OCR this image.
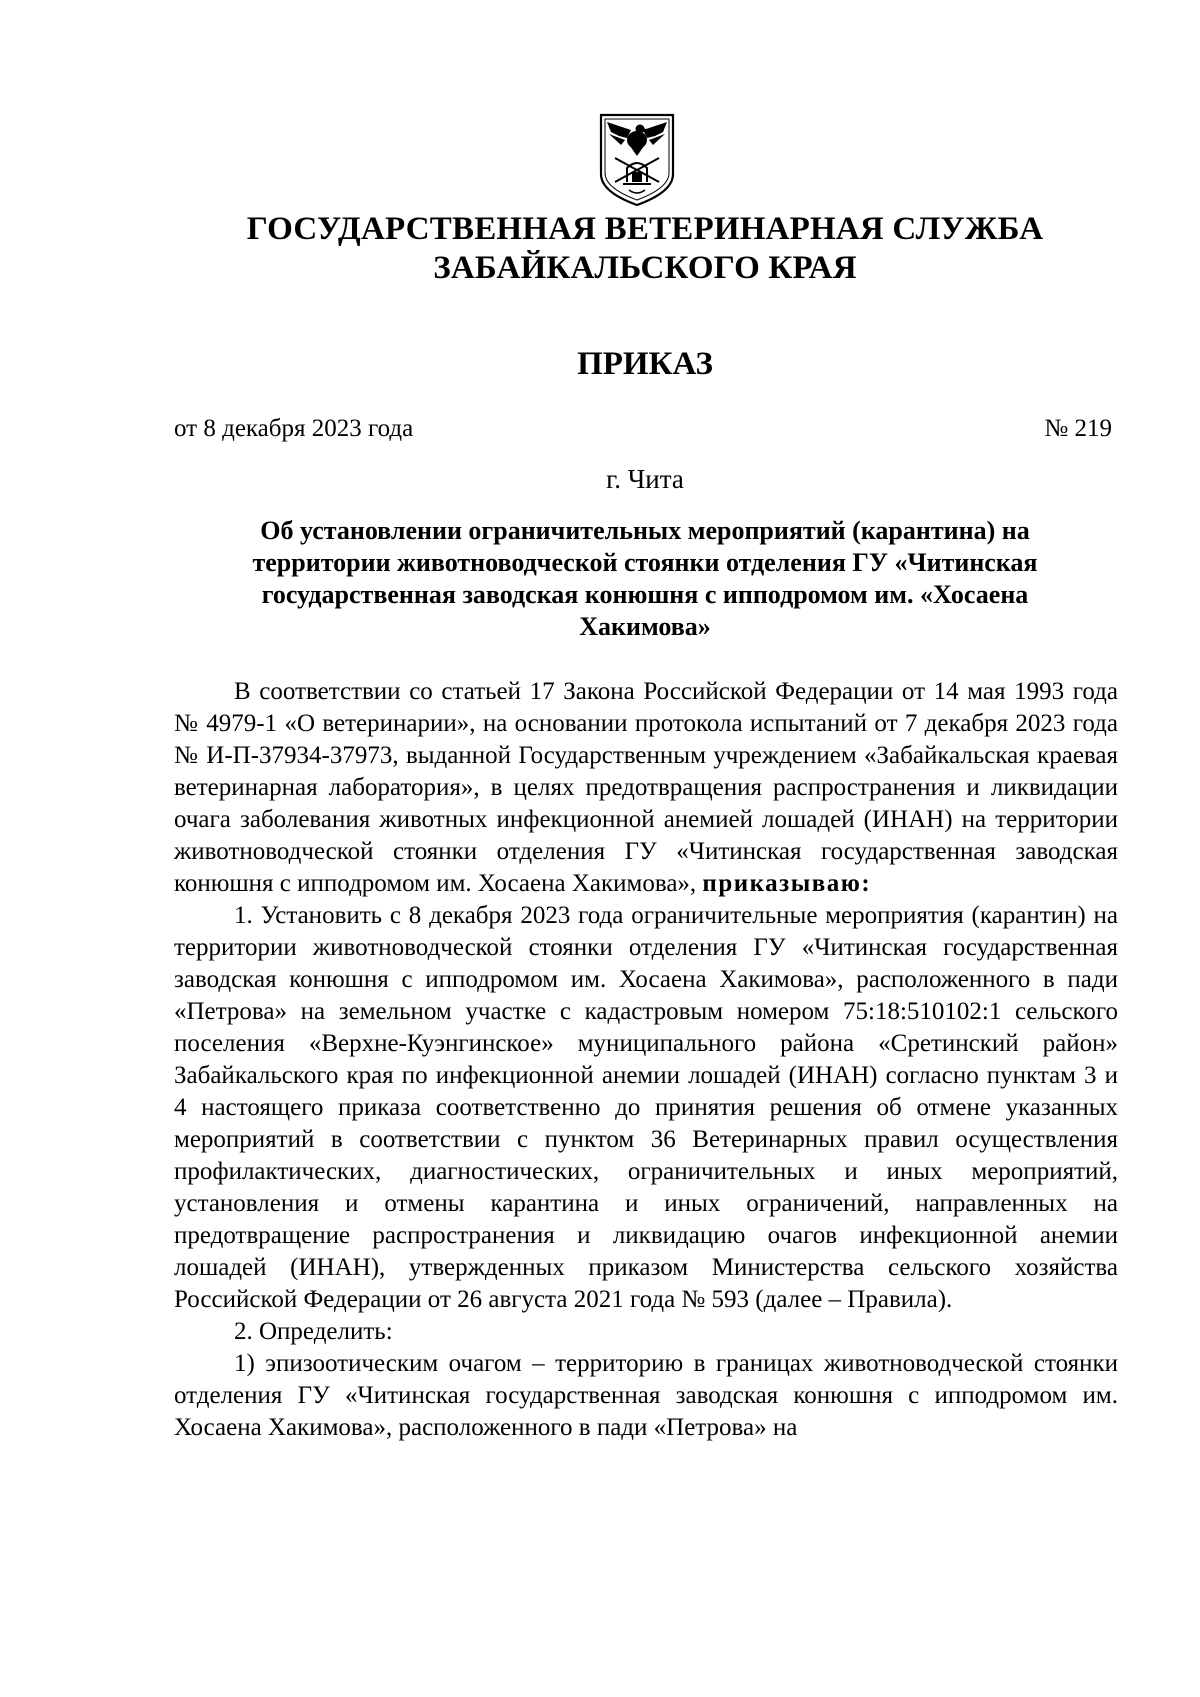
ГОСУДАРСТВЕННАЯ ВЕТЕРИНАРНАЯ СЛУЖБА
ЗАБАЙКАЛЬСКОГО КРАЯ
ПРИКАЗ
от 8 декабря 2023 года	№ 219
г. Чита
Об установлении ограничительных мероприятий (карантина) на территории животноводческой стоянки отделения ГУ «Читинская государственная заводская конюшня с ипподромом им. «Хосаена Хакимова»

В соответствии со статьей 17 Закона Российской Федерации от 14 мая 1993 года № 4979-1 «О ветеринарии», на основании протокола испытаний от 7 декабря 2023 года № И-П-37934-37973, выданной Государственным учреждением «Забайкальская краевая ветеринарная лаборатория», в целях предотвращения распространения и ликвидации очага заболевания животных инфекционной анемией лошадей (ИНАН) на территории животноводческой стоянки отделения ГУ «Читинская государственная заводская конюшня с ипподромом им. Хосаена Хакимова», приказываю:

1. Установить с 8 декабря 2023 года ограничительные мероприятия (карантин) на территории животноводческой стоянки отделения ГУ «Читинская государственная заводская конюшня с ипподромом им. Хосаена Хакимова», расположенного в пади «Петрова» на земельном участке с кадастровым номером 75:18:510102:1 сельского поселения «Верхне-Куэнгинское» муниципального района «Сретинский район» Забайкальского края по инфекционной анемии лошадей (ИНАН) согласно пунктам 3 и 4 настоящего приказа соответственно до принятия решения об отмене указанных мероприятий в соответствии с пунктом 36 Ветеринарных правил осуществления профилактических, диагностических, ограничительных и иных мероприятий, установления и отмены карантина и иных ограничений, направленных на предотвращение распространения и ликвидацию очагов инфекционной анемии лошадей (ИНАН), утвержденных приказом Министерства сельского хозяйства Российской Федерации от 26 августа 2021 года № 593 (далее – Правила).

2. Определить:

1) эпизоотическим очагом – территорию в границах животноводческой стоянки отделения ГУ «Читинская государственная заводская конюшня с ипподромом им. Хосаена Хакимова», расположенного в пади «Петрова» на
